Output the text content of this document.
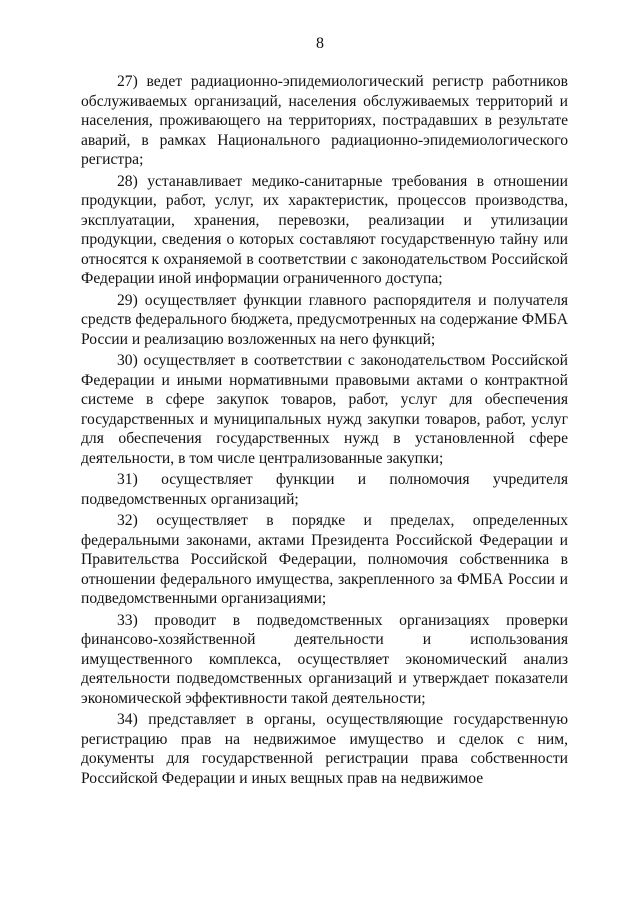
8

27) ведет радиационно-эпидемиологический регистр работников обслуживаемых организаций, населения обслуживаемых территорий и населения, проживающего на территориях, пострадавших в результате аварий, в рамках Национального радиационно-эпидемиологического регистра;

28) устанавливает медико-санитарные требования в отношении продукции, работ, услуг, их характеристик, процессов производства, эксплуатации, хранения, перевозки, реализации и утилизации продукции, сведения о которых составляют государственную тайну или относятся к охраняемой в соответствии с законодательством Российской Федерации иной информации ограниченного доступа;

29) осуществляет функции главного распорядителя и получателя средств федерального бюджета, предусмотренных на содержание ФМБА России и реализацию возложенных на него функций;

30) осуществляет в соответствии с законодательством Российской Федерации и иными нормативными правовыми актами о контрактной системе в сфере закупок товаров, работ, услуг для обеспечения государственных и муниципальных нужд закупки товаров, работ, услуг для обеспечения государственных нужд в установленной сфере деятельности, в том числе централизованные закупки;

31) осуществляет функции и полномочия учредителя подведомственных организаций;

32) осуществляет в порядке и пределах, определенных федеральными законами, актами Президента Российской Федерации и Правительства Российской Федерации, полномочия собственника в отношении федерального имущества, закрепленного за ФМБА России и подведомственными организациями;

33) проводит в подведомственных организациях проверки финансово-хозяйственной деятельности и использования имущественного комплекса, осуществляет экономический анализ деятельности подведомственных организаций и утверждает показатели экономической эффективности такой деятельности;

34) представляет в органы, осуществляющие государственную регистрацию прав на недвижимое имущество и сделок с ним, документы для государственной регистрации права собственности Российской Федерации и иных вещных прав на недвижимое
